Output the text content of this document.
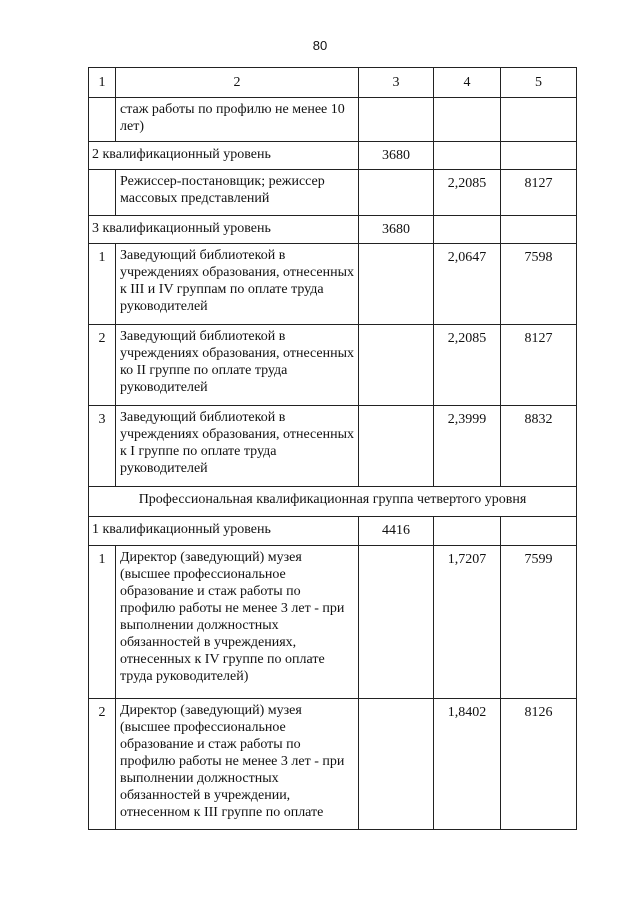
80
1	2	3	4	5
	стаж работы по профилю не менее 10 лет)			
2 квалификационный уровень		3680		
	Режиссер-постановщик; режиссер массовых представлений		2,2085	8127
3 квалификационный уровень		3680		
1	Заведующий библиотекой в учреждениях образования, отнесенных к III и IV группам по оплате труда руководителей		2,0647	7598
2	Заведующий библиотекой в учреждениях образования, отнесенных ко II группе по оплате труда руководителей		2,2085	8127
3	Заведующий библиотекой в учреждениях образования, отнесенных к I группе по оплате труда руководителей		2,3999	8832
Профессиональная квалификационная группа четвертого уровня				
1 квалификационный уровень		4416		
1	Директор (заведующий) музея (высшее профессиональное образование и стаж работы по профилю работы не менее 3 лет - при выполнении должностных обязанностей в учреждениях, отнесенных к IV группе по оплате труда руководителей)		1,7207	7599
2	Директор (заведующий) музея (высшее профессиональное образование и стаж работы по профилю работы не менее 3 лет - при выполнении должностных обязанностей в учреждении, отнесенном к III группе по оплате		1,8402	8126
